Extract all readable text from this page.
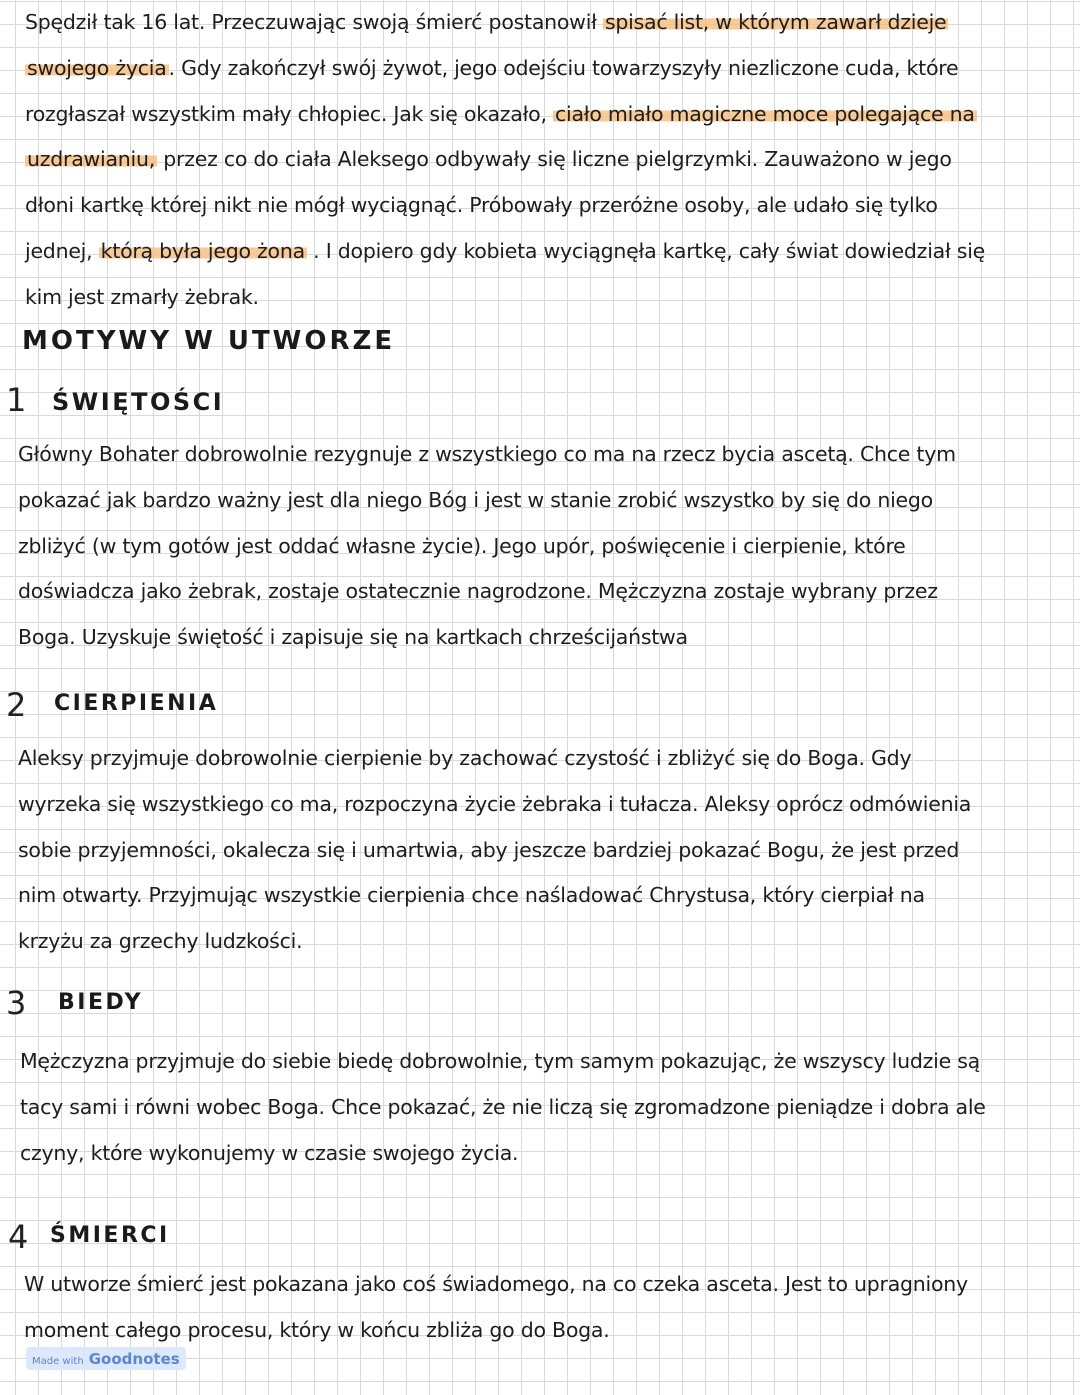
Spędził tak 16 lat. Przeczuwając swoją śmierć postanowił spisać list, w którym zawarł dzieje
swojego życia. Gdy zakończył swój żywot, jego odejściu towarzyszyły niezliczone cuda, które
rozgłaszał wszystkim mały chłopiec. Jak się okazało, ciało miało magiczne moce polegające na
uzdrawianiu, przez co do ciała Aleksego odbywały się liczne pielgrzymki. Zauważono w jego
dłoni kartkę której nikt nie mógł wyciągnąć. Próbowały przeróżne osoby, ale udało się tylko
jednej, którą była jego żona . I dopiero gdy kobieta wyciągnęła kartkę, cały świat dowiedział się
kim jest zmarły żebrak.
MOTYWY W UTWORZE
1 ŚWIĘTOŚCI
Główny Bohater dobrowolnie rezygnuje z wszystkiego co ma na rzecz bycia ascetą. Chce tym
pokazać jak bardzo ważny jest dla niego Bóg i jest w stanie zrobić wszystko by się do niego
zbliżyć (w tym gotów jest oddać własne życie). Jego upór, poświęcenie i cierpienie, które
doświadcza jako żebrak, zostaje ostatecznie nagrodzone. Mężczyzna zostaje wybrany przez
Boga. Uzyskuje świętość i zapisuje się na kartkach chrześcijaństwa
2 CIERPIENIA
Aleksy przyjmuje dobrowolnie cierpienie by zachować czystość i zbliżyć się do Boga. Gdy
wyrzeka się wszystkiego co ma, rozpoczyna życie żebraka i tułacza. Aleksy oprócz odmówienia
sobie przyjemności, okalecza się i umartwia, aby jeszcze bardziej pokazać Bogu, że jest przed
nim otwarty. Przyjmując wszystkie cierpienia chce naśladować Chrystusa, który cierpiał na
krzyżu za grzechy ludzkości.
3 BIEDY
Mężczyzna przyjmuje do siebie biedę dobrowolnie, tym samym pokazując, że wszyscy ludzie są
tacy sami i równi wobec Boga. Chce pokazać, że nie liczą się zgromadzone pieniądze i dobra ale
czyny, które wykonujemy w czasie swojego życia.
4 ŚMIERCI
W utworze śmierć jest pokazana jako coś świadomego, na co czeka asceta. Jest to upragniony
moment całego procesu, który w końcu zbliża go do Boga.
Made with Goodnotes
